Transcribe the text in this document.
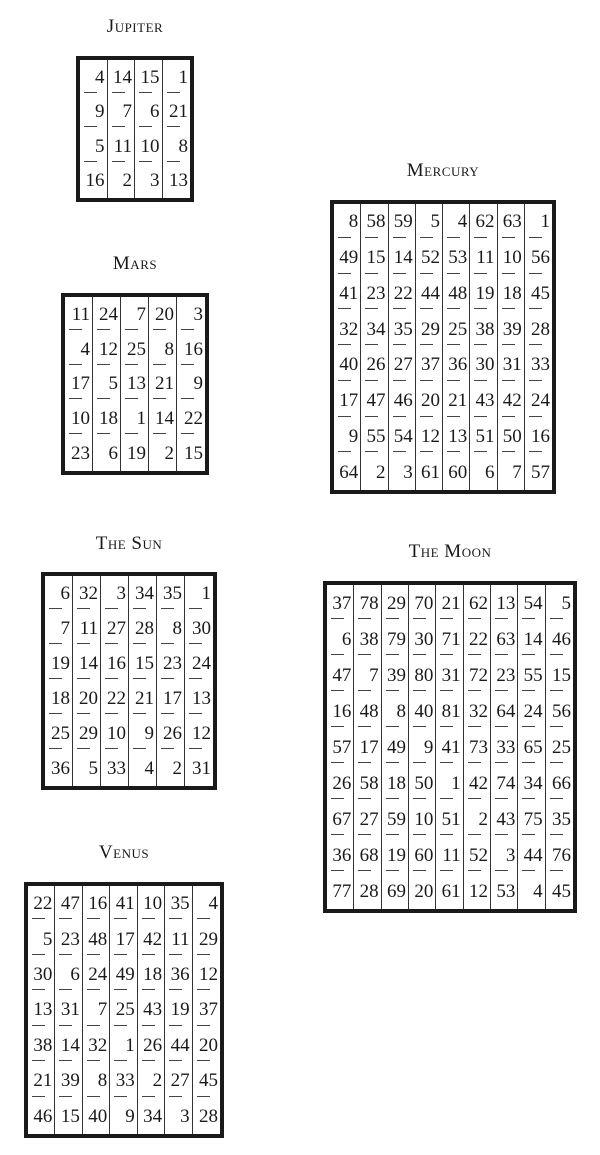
Jupiter
4 14 15	1
9 7 6 21
5 11 10	8
16 2 3 13
Mars
11 24 7 20	3
4 12 25 8 16
17 5 13 21	9
10 18 1 14 22
23 6 19 2 15
The Sun
6 32 3 34 35	1
7 11 27 28 8 30
19 14 16 15 23 24
18 20 22 21 17 13
25 29 10 9 26 12
36 5 33 4 2 31
Venus
22 47 16 41 10 35 4
5 23 48 17 42 11 29
30 6 24 49 18 36 12
13 31 7 25 43 19 37
38 14 32 1 26 44 20
21 39 8 33 2 27 45
46 15 40 9 34 3 28
Mercury
8 58 59 5 4 62 63 1
49 15 14 52 53 11 10 56
41 23 22 44 48 19 18 45
32 34 35 29 25 38 39 28
40 26 27 37 36 30 31 33
17 47 46 20 21 43 42 24
9 55 54 12 13 51 50 16
64 2 3 61 60 6 7 57
The Moon
37 78 29 70 21 62 13 54 5
6 38 79 30 71 22 63 14 46
47 7 39 80 31 72 23 55 15
16 48 8 40 81 32 64 24 56
57 17 49 9 41 73 33 65 25
26 58 18 50 1 42 74 34 66
67 27 59 10 51 2 43 75 35
36 68 19 60 11 52 3 44 76
77 28 69 20 61 12 53 4 45
